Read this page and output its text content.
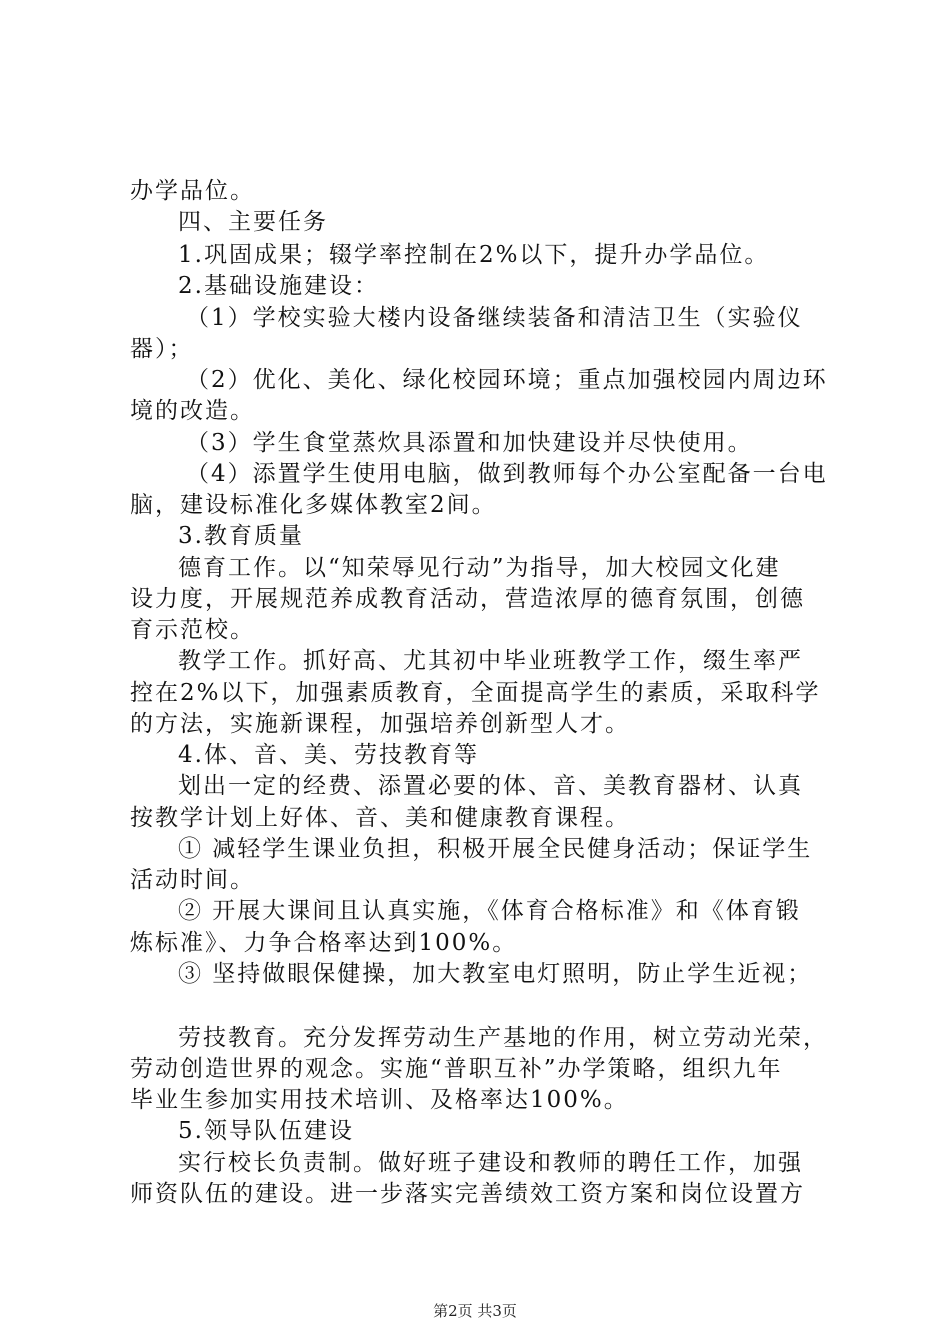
办学品位。
四、主要任务
1.巩固成果；辍学率控制在2%以下，提升办学品位。
2.基础设施建设：
（1）学校实验大楼内设备继续装备和清洁卫生（实验仪
器）；
（2）优化、美化、绿化校园环境；重点加强校园内周边环
境的改造。
（3）学生食堂蒸炊具添置和加快建设并尽快使用。
（4）添置学生使用电脑，做到教师每个办公室配备一台电
脑，建设标准化多媒体教室2间。
3.教育质量
德育工作。以“知荣辱见行动”为指导，加大校园文化建
设力度，开展规范养成教育活动，营造浓厚的德育氛围，创德
育示范校。
教学工作。抓好高、尤其初中毕业班教学工作，缀生率严
控在2%以下，加强素质教育，全面提高学生的素质，采取科学
的方法，实施新课程，加强培养创新型人才。
4.体、音、美、劳技教育等
划出一定的经费、添置必要的体、音、美教育器材、认真
按教学计划上好体、音、美和健康教育课程。
① 减轻学生课业负担，积极开展全民健身活动；保证学生
活动时间。
② 开展大课间且认真实施，《体育合格标准》和《体育锻
炼标准》、力争合格率达到100%。
③ 坚持做眼保健操，加大教室电灯照明，防止学生近视；
劳技教育。充分发挥劳动生产基地的作用，树立劳动光荣，
劳动创造世界的观念。实施“普职互补”办学策略，组织九年
毕业生参加实用技术培训、及格率达100%。
5.领导队伍建设
实行校长负责制。做好班子建设和教师的聘任工作，加强
师资队伍的建设。进一步落实完善绩效工资方案和岗位设置方
第2页 共3页
